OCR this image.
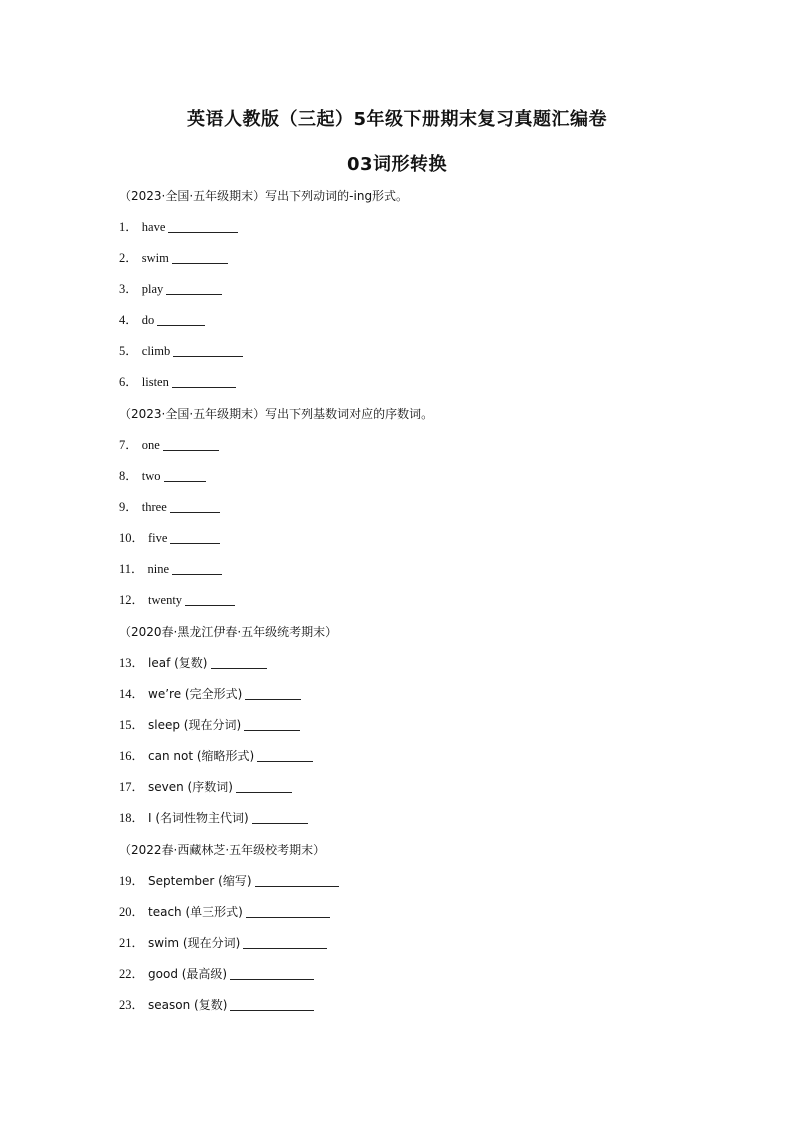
英语人教版（三起）5年级下册期末复习真题汇编卷
03词形转换
（2023·全国·五年级期末）写出下列动词的-ing形式。
1． have
2． swim
3． play
4． do
5． climb
6． listen
（2023·全国·五年级期末）写出下列基数词对应的序数词。
7． one
8． two
9． three
10． five
11． nine
12． twenty
（2020春·黑龙江伊春·五年级统考期末）
13． leaf (复数)
14． we’re (完全形式)
15． sleep (现在分词)
16． can not (缩略形式)
17． seven (序数词)
18． I (名词性物主代词)
（2022春·西藏林芝·五年级校考期末）
19． September (缩写)
20． teach (单三形式)
21． swim (现在分词)
22． good (最高级)
23． season (复数)
